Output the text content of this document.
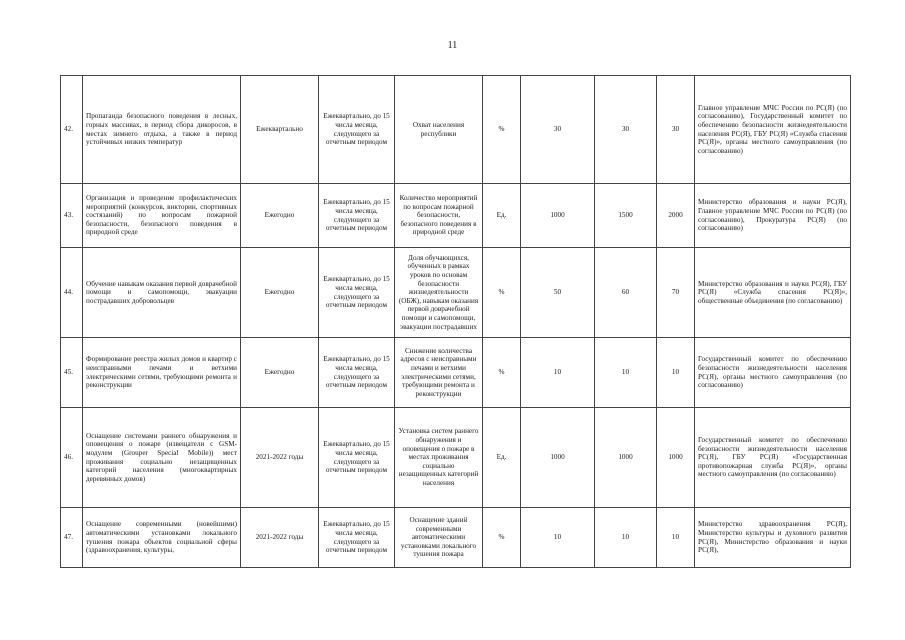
11
42.	Пропаганда безопасного поведения в лесных, горных массивах, в период сбора дикоросов, в местах зимнего отдыха, а также в период устойчивых низких температур	Ежеквартально	Ежеквартально, до 15 числа месяца, следующего за отчетным периодом	Охват населения республики	%	30	30	30	Главное управление МЧС России по РС(Я) (по согласованию), Государственный комитет по обеспечению безопасности жизнедеятельности населения РС(Я), ГБУ РС(Я) «Служба спасения РС(Я)», органы местного самоуправления (по согласованию)
43.	Организация и проведение профилактических мероприятий (конкурсов, викторин, спортивных состязаний) по вопросам пожарной безопасности, безопасного поведения в природной среде	Ежегодно	Ежеквартально, до 15 числа месяца, следующего за отчетным периодом	Количество мероприятий по вопросам пожарной безопасности, безопасного поведения в природной среде	Ед.	1000	1500	2000	Министерство образования и науки РС(Я), Главное управление МЧС России по РС(Я) (по согласованию), Прокуратура РС(Я) (по согласованию)
44.	Обучение навыкам оказания первой доврачебной помощи и самопомощи, эвакуации пострадавших добровольцев	Ежегодно	Ежеквартально, до 15 числа месяца, следующего за отчетным периодом	Доля обучающихся, обученных в рамках уроков по основам безопасности жизнедеятельности (ОБЖ), навыкам оказания первой доврачебной помощи и самопомощи, эвакуации пострадавших	%	50	60	70	Министерство образования и науки РС(Я), ГБУ РС(Я) «Служба спасения РС(Я)», общественные объединения (по согласованию)
45.	Формирование реестра жилых домов и квартир с неисправными печами и ветхими электрическими сетями, требующими ремонта и реконструкции	Ежегодно	Ежеквартально, до 15 числа месяца, следующего за отчетным периодом	Снижение количества адресов с неисправными печами и ветхими электрическими сетями, требующими ремонта и реконструкции	%	10	10	10	Государственный комитет по обеспечению безопасности жизнедеятельности населения РС(Я), органы местного самоуправления (по согласованию)
46.	Оснащение системами раннего обнаружения и оповещения о пожаре (извещатели с GSM-модулем (Grouper Special Mobile)) мест проживания социально незащищенных категорий населения (многоквартирных деревянных домов)	2021-2022 годы	Ежеквартально, до 15 числа месяца, следующего за отчетным периодом	Установка систем раннего обнаружения и оповещения о пожаре в местах проживания социально незащищенных категорий населения	Ед.	1000	1000	1000	Государственный комитет по обеспечению безопасности жизнедеятельности населения РС(Я), ГБУ РС(Я) «Государственная противопожарная служба РС(Я)», органы местного самоуправления (по согласованию)
47.	Оснащение современными (новейшими) автоматическими установками локального тушения пожара объектов социальной сферы (здравоохранения, культуры,	2021-2022 годы	Ежеквартально, до 15 числа месяца, следующего за отчетным периодом	Оснащение зданий современными автоматическими установками локального тушения пожара	%	10	10	10	Министерство здравоохранения РС(Я), Министерство культуры и духовного развития РС(Я), Министерство образования и науки РС(Я),
